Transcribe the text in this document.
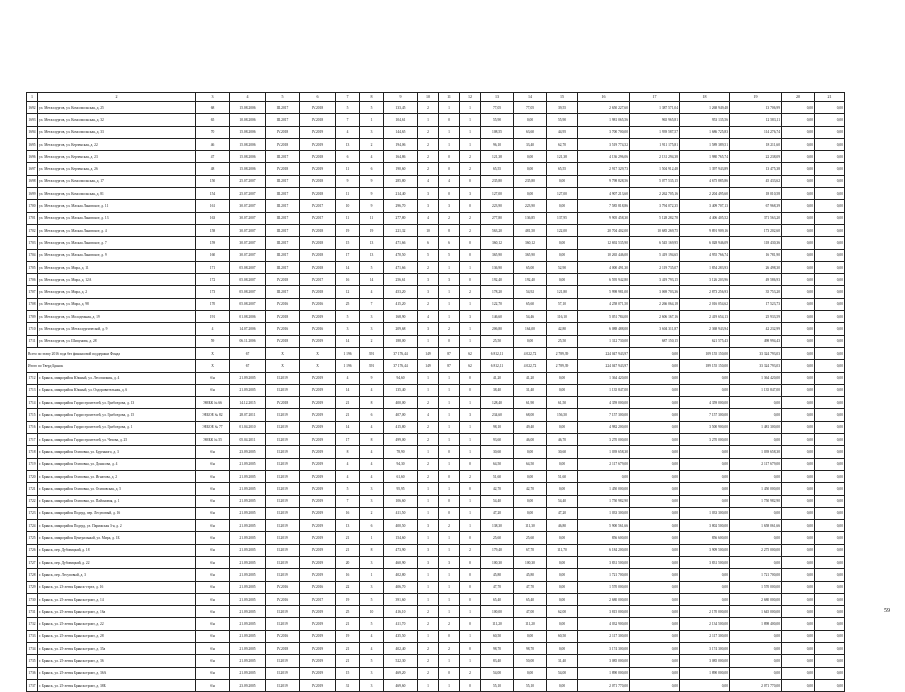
1	2	3	4	5	6	7	8	9	10	11	12	13	14	15	16	17	18	19	20	21
1692	ул. Металлургов, ул. Комсомольская, д. 25	68	15.08.2006	III.2017	IV.2018	5	5	133,45	2	1	1	77,05	77,05	39,55	2 650 227,60	1 387 571,04	1 268 949,48	13 706,99	0,00	0,00
1693	ул. Металлургов, ул. Комсомольская, д. 32	65	10.08.2006	III.2017	IV.2018	7	1	104,61	1	0	1	55,90	0,00	55,90	1 981 065,56	965 965,81	953 135,56	12 583,11	0,00	0,00
1694	ул. Металлургов, ул. Комсомольская, д. 33	70	15.08.2006	IV.2018	IV.2019	4	3	144,65	2	1	1	108,55	63,60	44,95	3 700 700,00	1 939 587,57	1 686 725,83	114 276,74	0,00	0,00
1695	ул. Металлургов, ул. Керченская, д. 22	46	15.08.2006	IV.2018	IV.2019	13	2	194,06	2	1	1	96,10	33,40	62,70	3 519 774,52	1 911 175,81	1 589 389,51	18 211,60	0,00	0,00
1696	ул. Металлургов, ул. Керченская, д. 23	47	15.08.2006	III.2017	IV.2018	6	4	164,86	2	0	2	121,38	0,00	121,38	4 136 296,06	2 131 294,38	1 980 765,74	22 238,09	0,00	0,00
1697	ул. Металлургов, ул. Керченская, д. 26	48	15.08.2006	IV.2018	IV.2019	11	6	190,60	2	0	2	65,55	0,00	65,55	2 917 329,73	1 504 912,48	1 397 943,89	13 475,38	0,00	0,00
1698	ул. Металлургов, ул. Комсомольская, д. 17	150	25.07.2007	III.2017	IV.2018	9	9	285,80	4	4	0	235,80	235,80	0,00	9 798 828,56	5 077 535,15	4 675 885,86	45 433,62	0,00	0,00
1699	ул. Металлургов, ул. Комсомольская, д. 81	154	25.07.2007	III.2017	IV.2018	11	9	214,40	3	0	3	127,00	0,00	127,00	4 907 213,60	2 262 705,16	2 204 495,60	18 010,58	0,00	0,00
1700	ул. Металлургов, ул. Маскаа Лановское, д. 11	161	30.07.2007	III.2017	IV.2017	10	9	296,70	3	3	0	223,90	223,90	0,00	7 585 818,86	3 794 072,35	3 409 707,13	67 968,39	0,00	0,00
1701	ул. Металлургов, ул. Маскаа Лановское, д. 13	163	30.07.2007	III.2017	IV.2017	11	11	277,80	4	2	2	277,80	136,85	137,95	9 905 458,30	5 128 282,78	4 406 405,52	371 563,20	0,00	0,00
1702	ул. Металлургов, ул. Маскаа Лановское, д. 4	158	30.07.2007	III.2017	IV.2018	19	19	221,32	10	8	2	563,20	481,50	122,00	20 704 402,00	10 685 269,75	9 891 909,16	173 202,60	0,00	0,00
1703	ул. Металлургов, ул. Маскаа Лановское, д. 7	159	30.07.2007	III.2017	IV.2018	15	13	471,66	6	6	0	360,12	360,12	0,00	12 692 535,90	6 545 169,95	6 028 946,09	118 430,36	0,00	0,00
1704	ул. Металлургов, ул. Маскаа Лановское, д. 9	160	30.07.2007	III.2017	IV.2018	17	13	470,50	5	5	0	365,90	365,90	0,00	10 265 446,00	5 419 194,65	4 955 766,74	16 781,90	0,00	0,00
1705	ул. Металлургов, ул. Мира, д. 11	171	05.08.2007	III.2017	IV.2018	14	5	471,66	2	1	1	136,90	65,00	52,90	4 000 491,30	2 119 735,07	1 854 283,93	26 498,30	0,00	0,00
1706	ул. Металлургов, ул. Мира, д. 12А	172	05.08.2007	IV.2018	IV.2017	16	14	256,61	3	3	0	192,40	192,40	0,00	6 595 942,80	3 419 793,15	3 126 203,96	49 586,93	0,00	0,00
1707	ул. Металлургов, ул. Мира, д. 2	173	05.08.2007	III.2017	IV.2018	12	4	453,20	3	1	2	178,20	54,92	121,80	5 998 981,00	3 069 703,36	2 873 256,93	35 753,20	0,00	0,00
1708	ул. Металлургов, ул. Мира, д. 98	170	05.08.2007	IV.2016	IV.2016	25	7	415,20	2	1	1	122,70	65,60	57,10	4 258 071,50	2 266 064,18	2 016 054,62	17 523,73	0,00	0,00
1709	ул. Металлургов, ул. Молодежная, д. 19	191	01.08.2006	IV.2018	IV.2019	5	3	168,90	4	1	3	146,60	54,46	116,10	5 051 784,00	2 606 167,16	2 419 654,13	25 933,59	0,00	0,00
1710	ул. Металлургов, ул. Металлургической, д. 9	4	14.07.2006	IV.2016	IV.2016	3	3	209,68	3	2	1	206,80	164,00	42,80	6 088 488,00	3 604 311,87	2 368 943,94	42 232,99	0,00	0,00
1711	ул. Металлургов, ул. Шипунова, д. 28	59	06.11.2006	IV.2018	IV.2019	14	2	188,00	1	0	1	25,50	0,00	25,50	1 312 730,00	687 150,15	621 575,43	498 994,43	0,00	0,00
Всего по этапу 2016 года без финансовой поддержки Фонда		X	67	X	X	1 196	391	37 176,44	149	87	62	6 812,11	4 022,72	2 789,39	224 047 943,97	0,00	109 155 150,00	33 324 793,03	0,00	0,00
Итого по Тверд Брянск		X	67	X	X	1 196	391	37 176,44	149	87	62	6 812,11	4 022,72	2 789,39	224 047 943,97	0,00	189 155 150,00	33 324 793,03	0,00	0,00
1712	г. Брянск, микрорайон Южный, ул. Лесопилкин, д. 4	б/н	21.09.2005	II.2019	IV.2019	4	9	94,60	1	1	0	41,20	41,20	0,00	1 364 420,00	0,00	0,00	1 364 420,00	0,00	0,00
1713	г. Брянск, микрорайон Южный, ул. Оздоровительная, д. 6	б/н	21.09.2005	II.2019	IV.2019	14	4	135,40	1	1	0	38,40	31,40	0,00	1 135 847,00	0,00	0,00	1 135 847,00	0,00	0,00
1714	г. Брянск, микрорайон Гидростроителей, ул. Грибоедова, д. 13	ЭМБК № 66	14.12.2015	IV.2018	IV.2019	21	8	400,00	2	1	1	128,40	61,90	61,50	4 359 000,00	0,00	4 359 000,00	0,00	0,00	0,00
1715	г. Брянск, микрорайон Гидростроителей, ул. Грибоедова, д. 15	ЭЕБОЕ № 82	28.07.2011	II.2019	IV.2019	21	6	407,00	4	1	3	234,60	68,00	156,50	7 157 300,00	0,00	7 157 300,00	0,00	0,00	0,00
1716	г. Брянск, микрорайон Гидростроителей, ул. Грибоедова, д. 1	ЭЕБОЕ № 77	01.04.2010	II.2019	IV.2019	14	4	415,80	2	1	1	98,10	49,40	0,00	4 982 200,00	0,00	3 500 900,00	1 481 300,00	0,00	0,00
1717	г. Брянск, микрорайон Гидростроителей, ул. Чехова, д. 25	ЭМБК № 55	05.04.2011	II.2019	IV.2019	17	8	499,00	2	1	1	93,60	46,00	46,70	3 270 000,00	0,00	3 270 000,00	0,00	0,00	0,00
1718	г. Брянск, микрорайон Осиповка, ул. Буденного, д. 3	б/н	23.09.2005	II.2019	IV.2019	8	4	78,90	1	0	1	30,60	0,00	30,60	1 039 658,30	0,00	0,00	1 039 658,30	0,00	0,00
1719	г. Брянск, микрорайон Осиповка, ул. Донасова, д. 4	б/н	21.09.2005	II.2019	IV.2019	4	4	94,30	2	1	0	64,50	64,50	0,00	2 117 679,00	0,00	0,00	2 117 679,00	0,00	0,00
1720	г. Брянск, микрорайон Осиповка, ул. Игнатова, д. 2	б/н	21.09.2005	II.2019	IV.2019	4	4	61,60	2	0	2	51,60	0,00	51,60	0,00	0,00	0,00	0,00	0,00	0,00
1721	г. Брянск, микрорайон Осиповка, ул. Осиповская, д. 5	б/н	21.09.2005	II.2019	IV.2019	5	3	95,95	1	1	0	42,70	42,70	0,00	1 450 000,00	0,00	0,00	1 450 000,00	0,00	0,00
1722	г. Брянск, микрорайон Осиповка, ул. Пайоновая, д. 1	б/н	21.09.2005	II.2019	IV.2019	7	3	106,60	1	0	1	54,40	0,00	54,40	1 750 982,90	0,00	0,00	1 750 982,90	0,00	0,00
1723	г. Брянск, микрорайон Подгрд, пер. Лесуповый, д. 16	б/н	21.09.2005	II.2019	IV.2019	16	2	411,50	1	0	1	47,20	0,00	47,20	1 033 300,00	0,00	1 033 300,00	0,00	0,00	0,00
1724	г. Брянск, микрорайон Подгрд, ул. Парижская 3-я, д. 2	б/н	21.09.2005	II.2019	IV.2019	13	6	400,50	3	2	1	138,30	111,30	46,80	5 900 561,66	0,00	3 802 500,00	1 658 061,66	0,00	0,00
1725	г. Брянск, микрорайон Центральный, ул. Мира, д. 1Б	б/н	21.09.2005	II.2019	IV.2019	21	1	154,60	1	1	0	25,60	25,60	0,00	856 600,00	0,00	856 600,00	0,00	0,00	0,00
1726	г. Брянск, пер. Дубовицкий, д. 18	б/н	21.09.2005	II.2019	IV.2019	21	8	473,90	3	1	2	179,40	67,70	111,70	6 184 200,00	0,00	3 909 500,00	2 275 000,00	0,00	0,00
1727	г. Брянск, пер. Дубовицкий, д. 22	б/н	21.09.2005	II.2019	IV.2019	20	3	460,90	3	3	0	100,30	100,30	0,00	3 831 500,00	0,00	3 831 500,00	0,00	0,00	0,00
1728	г. Брянск, пер. Лесуповый, д. 3	б/н	21.09.2005	II.2019	IV.2019	16	1	402,80	1	1	0	45,80	45,80	0,00	1 721 700,00	0,00	0,00	1 721 700,00	0,00	0,00
1729	г. Брянск, ул. 23-летия Брянск-стрел, д. 16	б/н	21.09.2005	IV.2016	IV.2016	22	3	406,70	1	1	0	47,70	47,70	0,00	1 570 000,00	0,00	0,00	1 570 000,00	0,00	0,00
1730	г. Брянск, ул. 25-летия Брянскстроит, д. 14	б/н	21.09.2005	IV.2016	IV.2017	19	5	391,60	1	1	0	65,40	65,40	0,00	2 680 000,00	0,00	0,00	2 680 000,00	0,00	0,00
1731	г. Брянск, ул. 25-летия Брянскстроит, д. 16а	б/н	21.09.2005	II.2019	IV.2019	25	10	416,10	2	1	1	100,00	47,00	62,00	3 815 000,00	0,00	2 170 000,00	1 645 000,00	0,00	0,00
1732	г. Брянск, ул. 25-летия Брянскстроит, д. 22	б/н	21.09.2005	II.2019	IV.2019	21	5	411,70	2	2	0	111,20	111,20	0,00	4 032 900,00	0,00	2 134 500,00	1 898 400,00	0,00	0,00
1733	г. Брянск, ул. 25-летия Брянскстроит, д. 28	б/н	21.09.2005	IV.2016	IV.2019	19	4	435,50	1	0	1	60,50	0,00	60,50	2 117 300,00	0,00	2 117 300,00	0,00	0,00	0,00
1734	г. Брянск, ул. 25-летия Брянскстроит, д. 35а	б/н	21.09.2005	IV.2018	IV.2019	21	4	402,40	2	2	0	98,70	98,70	0,00	3 174 300,00	0,00	3 174 300,00	0,00	0,00	0,00
1735	г. Брянск, ул. 25-летия Брянскстроит, д. 36	б/н	21.09.2005	II.2019	IV.2019	21	5	522,30	2	1	1	83,40	50,00	31,40	3 085 000,00	0,00	3 085 000,00	0,00	0,00	0,00
1736	г. Брянск, ул. 25-летия Брянскстроит, д. 36А	б/н	21.09.2005	II.2019	IV.2019	15	3	469,20	2	0	2	54,00	0,00	54,00	1 890 000,00	0,00	1 890 000,00	0,00	0,00	0,00
1737	г. Брянск, ул. 25-летия Брянскстроит, д. 38Б	б/н	23.09.2005	II.2019	IV.2019	31	3	469,60	1	1	0	55,10	55,10	0,00	2 071 770,00	0,00	0,00	2 071 770,00	0,00	0,00
59
